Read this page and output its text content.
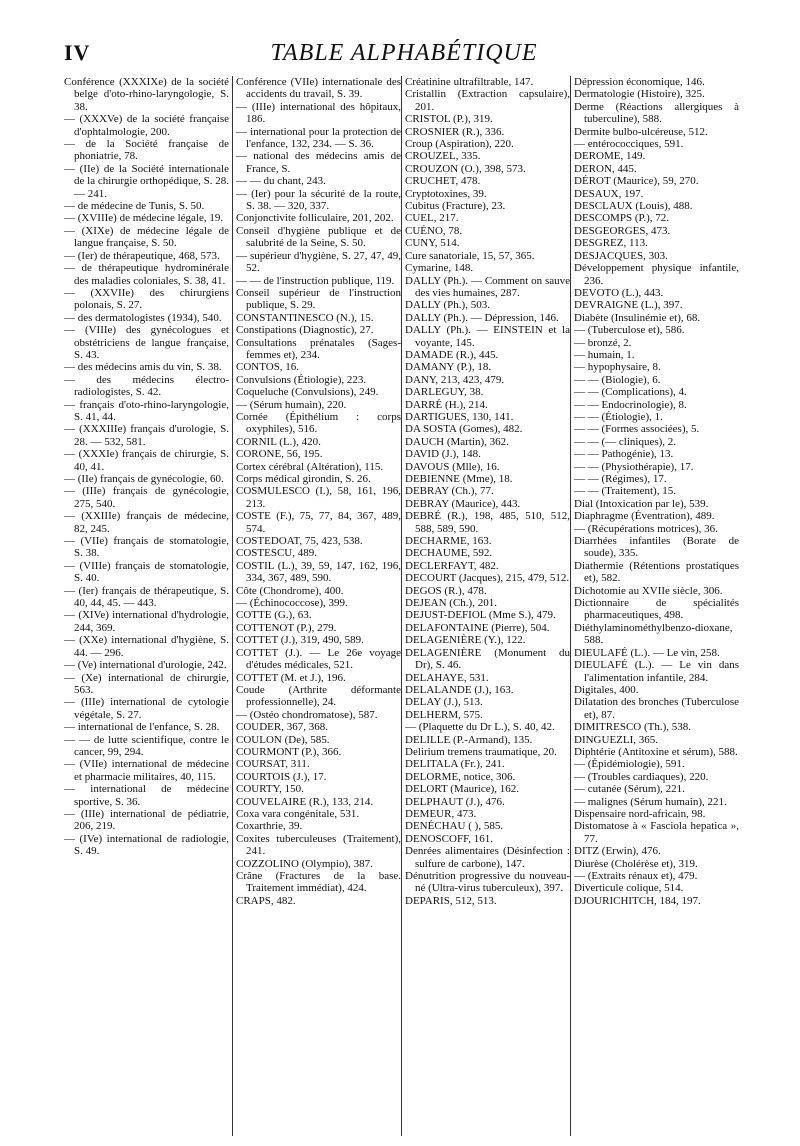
IV	TABLE ALPHABÉTIQUE

Conférence (XXXIXe) de la société belge d'oto-rhino-laryngologie, S. 38.

— (XXXVe) de la société française d'ophtalmologie, 200.

— de la Société française de phoniatrie, 78.

— (IIe) de la Société internationale de la chirurgie orthopédique, S. 28. — 241.

— de médecine de Tunis, S. 50.

— (XVIIIe) de médecine légale, 19.

— (XIXe) de médecine légale de langue française, S. 50.

— (Ier) de thérapeutique, 468, 573.

— de thérapeutique hydrominérale des maladies coloniales, S. 38, 41.

— (XXVIIe) des chirurgiens polonais, S. 27.

— des dermatologistes (1934), 540.

— (VIIIe) des gynécologues et obstétriciens de langue française, S. 43.

— des médecins amis du vin, S. 38.

— des médecins électro-radiologistes, S. 42.

— français d'oto-rhino-laryngologie, S. 41, 44.

— (XXXIIIe) français d'urologie, S. 28. — 532, 581.

— (XXXIe) français de chirurgie, S. 40, 41.

— (IIe) français de gynécologie, 60.

— (IIIe) français de gynécologie, 275, 540.

— (XXIIIe) français de médecine, 82, 245.

— (VIIe) français de stomatologie, S. 38.

— (VIIIe) français de stomatologie, S. 40.

— (Ier) français de thérapeutique, S. 40, 44, 45. — 443.

— (XIVe) international d'hydrologie, 244, 369.

— (XXe) international d'hygiène, S. 44. — 296.

— (Ve) international d'urologie, 242.

— (Xe) international de chirurgie, 563.

— (IIIe) international de cytologie végétale, S. 27.

— international de l'enfance, S. 28.

— — de lutte scientifique, contre le cancer, 99, 294.

— (VIIe) international de médecine et pharmacie militaires, 40, 115.

— international de médecine sportive, S. 36.

— (IIIe) international de pédiatrie, 206, 219.

— (IVe) international de radiologie, S. 49.

Conférence (VIIe) internationale des accidents du travail, S. 39.

— (IIIe) international des hôpitaux, 186.

— international pour la protection de l'enfance, 132, 234. — S. 36.

— national des médecins amis de France, S.

— — du chant, 243.

— (Ier) pour la sécurité de la route, S. 38. — 320, 337.

Conjonctivite folliculaire, 201, 202.

Conseil d'hygiène publique et de salubrité de la Seine, S. 50.

— supérieur d'hygiène, S. 27, 47, 49, 52.

— — de l'instruction publique, 119.

Conseil supérieur de l'instruction publique, S. 29.

CONSTANTINESCO (N.), 15.

Constipations (Diagnostic), 27.

Consultations prénatales (Sages-femmes et), 234.

CONTOS, 16.

Convulsions (Étiologie), 223.

Coqueluche (Convulsions), 249.

— (Sérum humain), 220.

Cornée (Épithélium : corps oxyphiles), 516.

CORNIL (L.), 420.

CORONE, 56, 195.

Cortex cérébral (Altération), 115.

Corps médical girondin, S. 26.

COSMULESCO (I.), 58, 161, 196, 213.

COSTE (F.), 75, 77, 84, 367, 489, 574.

COSTEDOAT, 75, 423, 538.

COSTESCU, 489.

COSTIL (L.), 39, 59, 147, 162, 196, 334, 367, 489, 590.

Côte (Chondrome), 400.

— (Échinococcose), 399.

COTTE (G.), 63.

COTTENOT (P.), 279.

COTTET (J.), 319, 490, 589.

COTTET (J.). — Le 26e voyage d'études médicales, 521.

COTTET (M. et J.), 196.

Coude (Arthrite déformante professionnelle), 24.

— (Ostéo chondromatose), 587.

COUDER, 367, 368.

COULON (De), 585.

COURMONT (P.), 366.

COURSAT, 311.

COURTOIS (J.), 17.

COURTY, 150.

COUVELAIRE (R.), 133, 214.

Coxa vara congénitale, 531.

Coxarthrie, 39.

Coxites tuberculeuses (Traitement), 241.

COZZOLINO (Olympio), 387.

Crâne (Fractures de la base. Traitement immédiat), 424.

CRAPS, 482.

Créatinine ultrafiltrable, 147.

Cristallin (Extraction capsulaire), 201.

CRISTOL (P.), 319.

CROSNIER (R.), 336.

Croup (Aspiration), 220.

CROUZEL, 335.

CROUZON (O.), 398, 573.

CRUCHET, 478.

Cryptotoxines, 39.

Cubitus (Fracture), 23.

CUEL, 217.

CUÉNO, 78.

CUNY, 514.

Cure sanatoriale, 15, 57, 365.

Cymarine, 148.

DALLY (Ph.). — Comment on sauve des vies humaines, 287.

DALLY (Ph.), 503.

DALLY (Ph.). — Dépression, 146.

DALLY (Ph.). — EINSTEIN et la voyante, 145.

DAMADE (R.), 445.

DAMANY (P.), 18.

DANY, 213, 423, 479.

DARLEGUY, 38.

DARRÉ (H.), 214.

DARTIGUES, 130, 141.

DA SOSTA (Gomes), 482.

DAUCH (Martin), 362.

DAVID (J.), 148.

DAVOUS (Mlle), 16.

DEBIENNE (Mme), 18.

DEBRAY (Ch.), 77.

DEBRAY (Maurice), 443.

DEBRÉ (R.), 198, 485, 510, 512, 588, 589, 590.

DECHARME, 163.

DECHAUME, 592.

DECLERFAYT, 482.

DECOURT (Jacques), 215, 479, 512.

DEGOS (R.), 478.

DEJEAN (Ch.), 201.

DEJUST-DEFIOL (Mme S.), 479.

DELAFONTAINE (Pierre), 504.

DELAGENIÈRE (Y.), 122.

DELAGENIÈRE (Monument du Dr), S. 46.

DELAHAYE, 531.

DELALANDE (J.), 163.

DELAY (J.), 513.

DELHERM, 575.

— (Plaquette du Dr L.), S. 40, 42.

DELILLE (P.-Armand), 135.

Delirium tremens traumatique, 20.

DELITALA (Fr.), 241.

DELORME, notice, 306.

DELORT (Maurice), 162.

DELPHAUT (J.), 476.

DEMEUR, 473.

DENÉCHAU ( ), 585.

DENOSCOFF, 161.

Denrées alimentaires (Désinfection : sulfure de carbone), 147.

Dénutrition progressive du nouveau-né (Ultra-virus tuberculeux), 397.

DEPARIS, 512, 513.

Dépression économique, 146.

Dermatologie (Histoire), 325.

Derme (Réactions allergiques à tuberculine), 588.

Dermite bulbo-ulcéreuse, 512.

— entérococciques, 591.

DEROME, 149.

DERON, 445.

DÉROT (Maurice), 59, 270.

DESAUX, 197.

DESCLAUX (Louis), 488.

DESCOMPS (P.), 72.

DESGEORGES, 473.

DESGREZ, 113.

DESJACQUES, 303.

Développement physique infantile, 236.

DEVOTO (L.), 443.

DEVRAIGNE (L.), 397.

Diabète (Insulinémie et), 68.

— (Tuberculose et), 586.

— bronzé, 2.

— humain, 1.

— hypophysaire, 8.

— — (Biologie), 6.

— — (Complications), 4.

— — Endocrinologie), 8.

— — (Étiologie), 1.

— — (Formes associées), 5.

— — (— cliniques), 2.

— — Pathogénie), 13.

— — (Physiothérapie), 17.

— — (Régimes), 17.

— — (Traitement), 15.

Dial (Intoxication par le), 539.

Diaphragme (Éventration), 489.

— (Récupérations motrices), 36.

Diarrhées infantiles (Borate de soude), 335.

Diathermie (Rétentions prostatiques et), 582.

Dichotomie au XVIIe siècle, 306.

Dictionnaire de spécialités pharmaceutiques, 498.

Diéthylaminométhylbenzo-dioxane, 588.

DIEULAFÉ (L.). — Le vin, 258.

DIEULAFÉ (L.). — Le vin dans l'alimentation infantile, 284.

Digitales, 400.

Dilatation des bronches (Tuberculose et), 87.

DIMITRESCO (Th.), 538.

DINGUEZLI, 365.

Diphtérie (Antitoxine et sérum), 588.

— (Épidémiologie), 591.

— (Troubles cardiaques), 220.

— cutanée (Sérum), 221.

— malignes (Sérum humain), 221.

Dispensaire nord-africain, 98.

Distomatose à « Fasciola hepatica », 77.

DITZ (Erwin), 476.

Diurèse (Cholérèse et), 319.

— (Extraits rénaux et), 479.

Diverticule colique, 514.

DJOURICHITCH, 184, 197.
